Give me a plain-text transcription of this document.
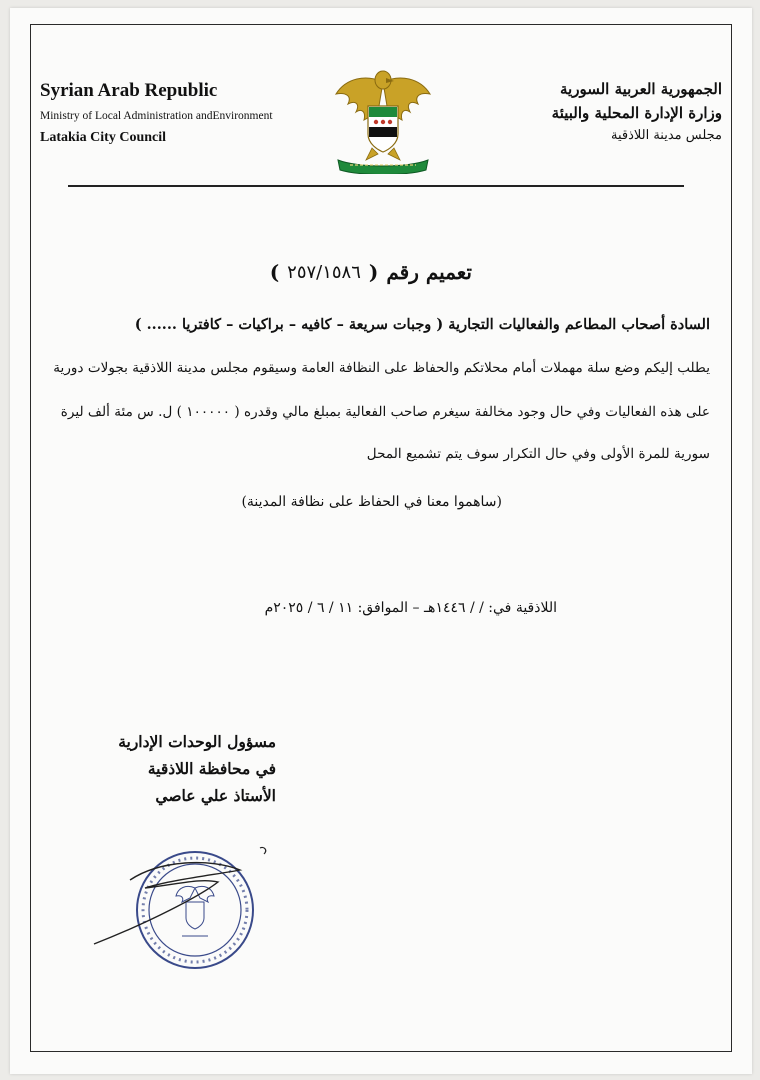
Syrian Arab Republic
Ministry of Local Administration andEnvironment
Latakia City Council
الجمهورية العربية السورية
وزارة الإدارة المحلية والبيئة
مجلس مدينة اللاذقية
تعميم رقم
(
٢٥٧/١٥٨٦
)
السادة أصحاب المطاعم والفعاليات التجارية ( وجبات سريعة – كافيه – براكيات – كافتريا ...... )
يطلب إليكم وضع سلة مهملات أمام محلاتكم والحفاظ على النظافة العامة وسيقوم مجلس مدينة اللاذقية بجولات دورية
على هذه الفعاليات وفي حال وجود مخالفة سيغرم صاحب الفعالية بمبلغ مالي وقدره ( ١٠٠٠٠٠ ) ل. س مئة ألف ليرة
سورية للمرة الأولى وفي حال التكرار سوف يتم تشميع المحل
(ساهموا معنا في الحفاظ على نظافة المدينة)
اللاذقية في: / / ١٤٤٦هـ – الموافق: ١١ / ٦ / ٢٠٢٥م
مسؤول الوحدات الإدارية
في محافظة اللاذقية
الأستاذ علي عاصي
